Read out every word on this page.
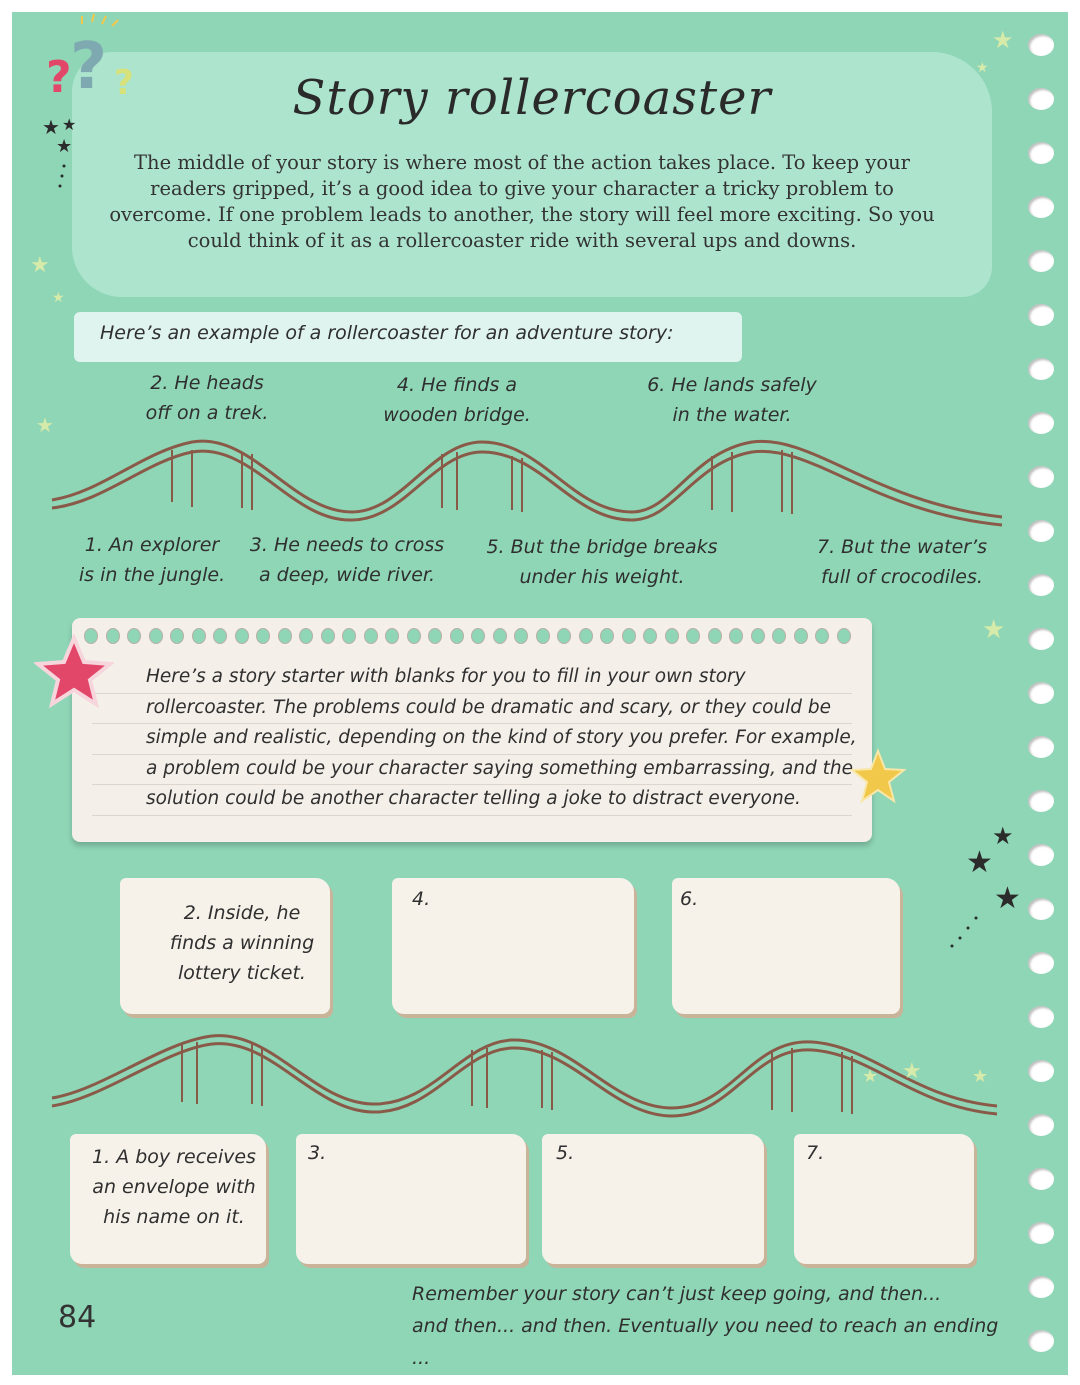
?
? ?	Story rollercoaster
The middle of your story is where most of the action takes place. To keep your readers gripped, it’s a good idea to give your character a tricky problem to overcome. If one problem leads to another, the story will feel more exciting. So you could think of it as a rollercoaster ride with several ups and downs.
Here’s an example of a rollercoaster for an adventure story:
2. He heads
off on a trek.
4. He finds a
wooden bridge.
6. He lands safely
in the water.
1. An explorer
is in the jungle.
3. He needs to cross
a deep, wide river.
5. But the bridge breaks
under his weight.
7. But the water’s
full of crocodiles.
Here’s a story starter with blanks for you to fill in your own story rollercoaster. The problems could be dramatic and scary, or they could be simple and realistic, depending on the kind of story you prefer. For example, a problem could be your character saying something embarrassing, and the solution could be another character telling a joke to distract everyone.
2. Inside, he
finds a winning
lottery ticket.
4.	6.
1. A boy receives
an envelope with
his name on it.
3.	5.	7.
84
Remember your story can’t just keep going, and then...
and then... and then. Eventually you need to reach an ending ...
★ ★
★
★
★
★
★
★
★
★
★
★ ★	★
★
